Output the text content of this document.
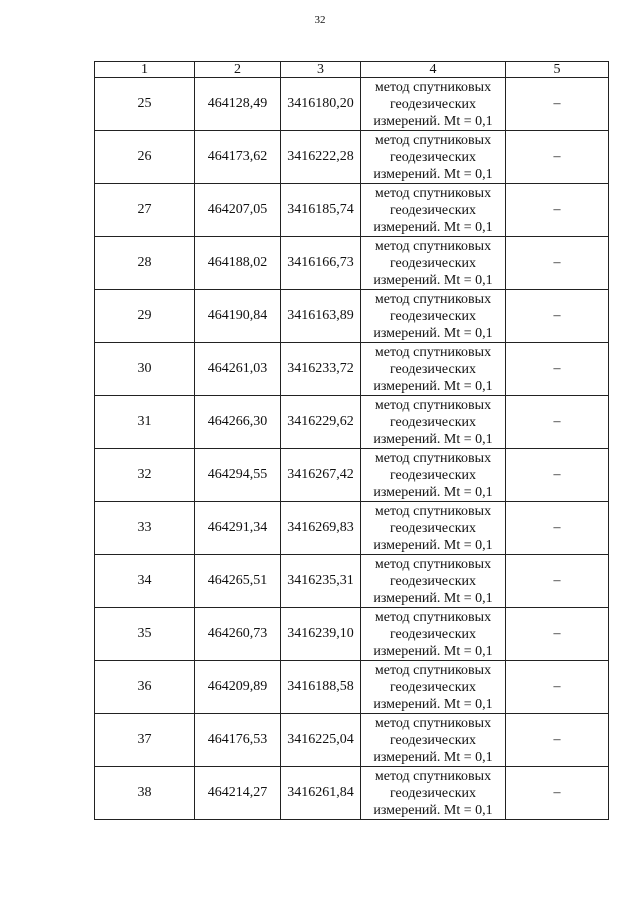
32
1	2	3	4	5
25	464128,49	3416180,20	метод спутниковых
геодезических
измерений. Mt = 0,1	–
26	464173,62	3416222,28	метод спутниковых
геодезических
измерений. Mt = 0,1	–
27	464207,05	3416185,74	метод спутниковых
геодезических
измерений. Mt = 0,1	–
28	464188,02	3416166,73	метод спутниковых
геодезических
измерений. Mt = 0,1	–
29	464190,84	3416163,89	метод спутниковых
геодезических
измерений. Mt = 0,1	–
30	464261,03	3416233,72	метод спутниковых
геодезических
измерений. Mt = 0,1	–
31	464266,30	3416229,62	метод спутниковых
геодезических
измерений. Mt = 0,1	–
32	464294,55	3416267,42	метод спутниковых
геодезических
измерений. Mt = 0,1	–
33	464291,34	3416269,83	метод спутниковых
геодезических
измерений. Mt = 0,1	–
34	464265,51	3416235,31	метод спутниковых
геодезических
измерений. Mt = 0,1	–
35	464260,73	3416239,10	метод спутниковых
геодезических
измерений. Mt = 0,1	–
36	464209,89	3416188,58	метод спутниковых
геодезических
измерений. Mt = 0,1	–
37	464176,53	3416225,04	метод спутниковых
геодезических
измерений. Mt = 0,1	–
38	464214,27	3416261,84	метод спутниковых
геодезических
измерений. Mt = 0,1	–
